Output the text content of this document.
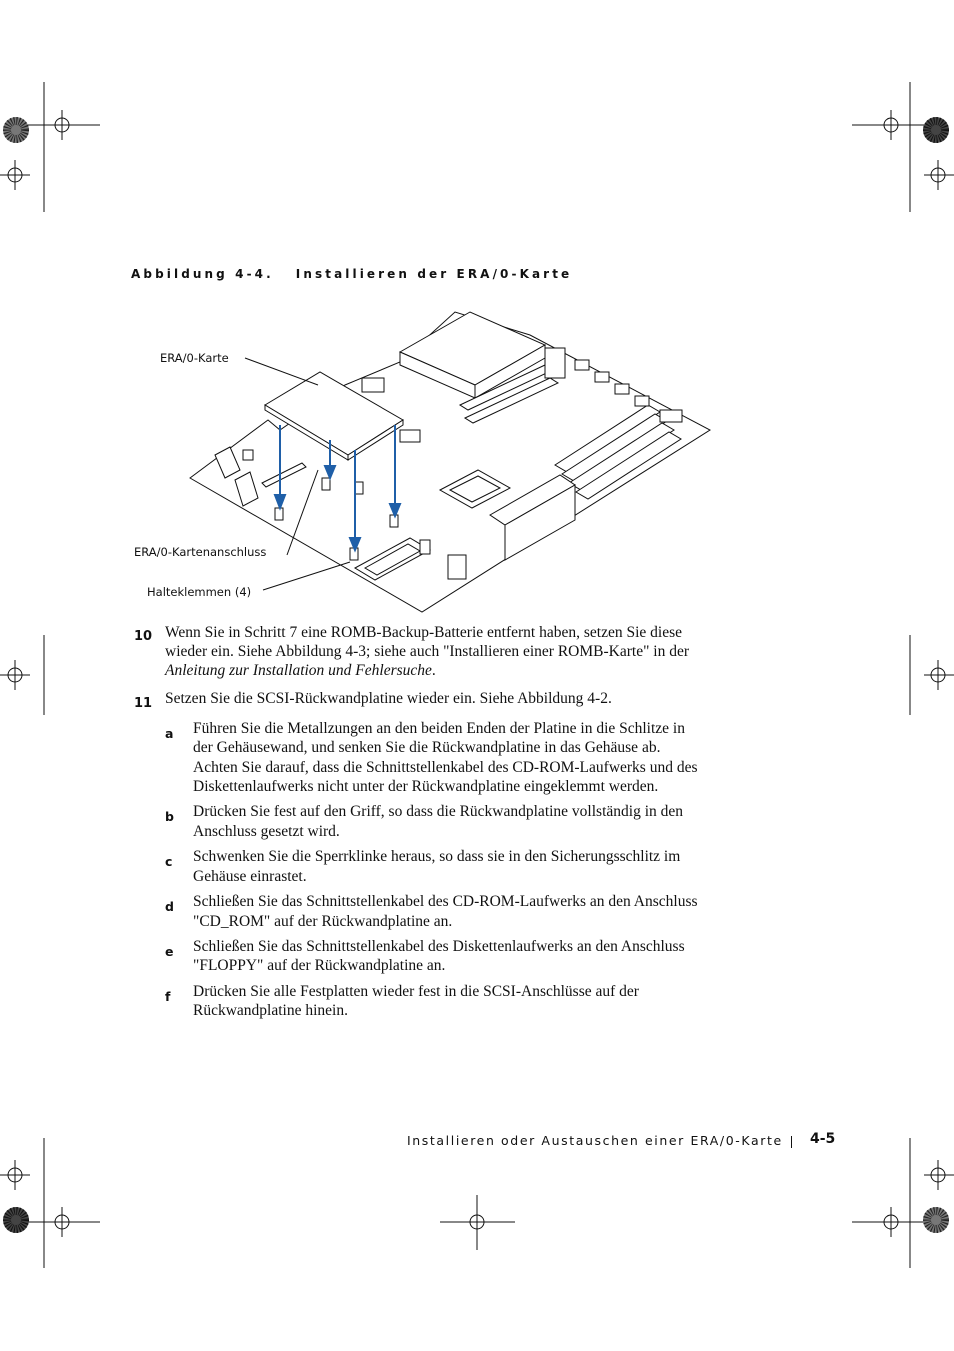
Abbildung 4-4. Installieren der ERA/0-Karte
ERA/0-Karte
ERA/0-Kartenanschluss
Halteklemmen (4)
10 Wenn Sie in Schritt 7 eine ROMB-Backup-Batterie entfernt haben, setzen Sie diese
wieder ein. Siehe Abbildung 4-3; siehe auch "Installieren einer ROMB-Karte" in der
Anleitung zur Installation und Fehlersuche.
11 Setzen Sie die SCSI-Rückwandplatine wieder ein. Siehe Abbildung 4-2.
a Führen Sie die Metallzungen an den beiden Enden der Platine in die Schlitze in
der Gehäusewand, und senken Sie die Rückwandplatine in das Gehäuse ab.
Achten Sie darauf, dass die Schnittstellenkabel des CD-ROM-Laufwerks und des
Diskettenlaufwerks nicht unter der Rückwandplatine eingeklemmt werden.
b Drücken Sie fest auf den Griff, so dass die Rückwandplatine vollständig in den
Anschluss gesetzt wird.
c Schwenken Sie die Sperrklinke heraus, so dass sie in den Sicherungsschlitz im
Gehäuse einrastet.
d Schließen Sie das Schnittstellenkabel des CD-ROM-Laufwerks an den Anschluss
"CD_ROM" auf der Rückwandplatine an.
e Schließen Sie das Schnittstellenkabel des Diskettenlaufwerks an den Anschluss
"FLOPPY" auf der Rückwandplatine an.
f Drücken Sie alle Festplatten wieder fest in die SCSI-Anschlüsse auf der
Rückwandplatine hinein.
Installieren oder Austauschen einer ERA/0-Karte 4-5
